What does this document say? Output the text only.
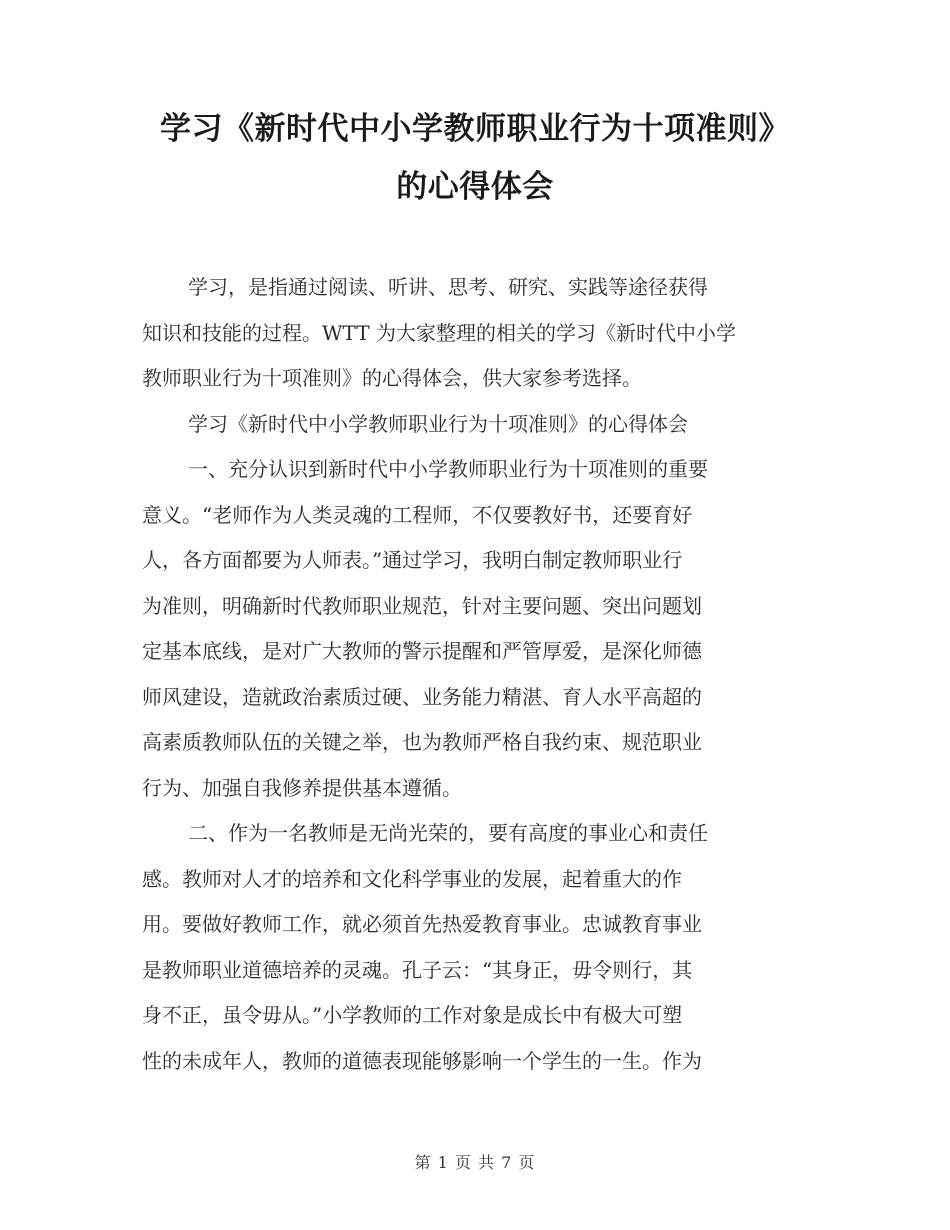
学习《新时代中小学教师职业行为十项准则》
的心得体会
学习，是指通过阅读、听讲、思考、研究、实践等途径获得
知识和技能的过程。WTT 为大家整理的相关的学习《新时代中小学
教师职业行为十项准则》的心得体会，供大家参考选择。
学习《新时代中小学教师职业行为十项准则》的心得体会
一、充分认识到新时代中小学教师职业行为十项准则的重要
意义。“老师作为人类灵魂的工程师，不仅要教好书，还要育好
人，各方面都要为人师表。”通过学习，我明白制定教师职业行
为准则，明确新时代教师职业规范，针对主要问题、突出问题划
定基本底线，是对广大教师的警示提醒和严管厚爱，是深化师德
师风建设，造就政治素质过硬、业务能力精湛、育人水平高超的
高素质教师队伍的关键之举，也为教师严格自我约束、规范职业
行为、加强自我修养提供基本遵循。
二、作为一名教师是无尚光荣的，要有高度的事业心和责任
感。教师对人才的培养和文化科学事业的发展，起着重大的作
用。要做好教师工作，就必须首先热爱教育事业。忠诚教育事业
是教师职业道德培养的灵魂。孔子云：“其身正，毋令则行，其
身不正，虽令毋从。”小学教师的工作对象是成长中有极大可塑
性的未成年人，教师的道德表现能够影响一个学生的一生。作为
第 1 页 共 7 页
